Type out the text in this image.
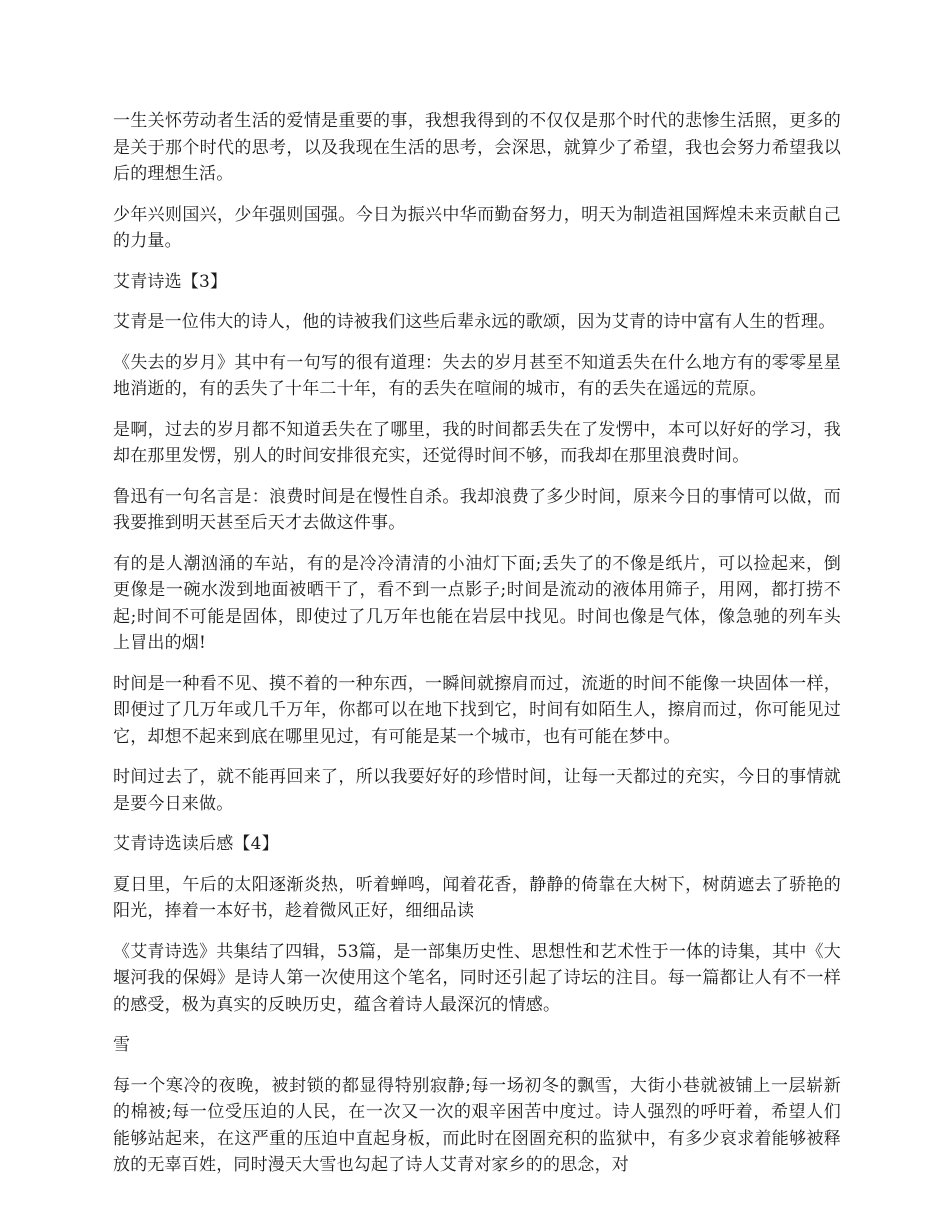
一生关怀劳动者生活的爱情是重要的事，我想我得到的不仅仅是那个时代的悲惨生活照，更多的是关于那个时代的思考，以及我现在生活的思考，会深思，就算少了希望，我也会努力希望我以后的理想生活。

少年兴则国兴，少年强则国强。今日为振兴中华而勤奋努力，明天为制造祖国辉煌未来贡献自己的力量。

艾青诗选【3】

艾青是一位伟大的诗人，他的诗被我们这些后辈永远的歌颂，因为艾青的诗中富有人生的哲理。

《失去的岁月》其中有一句写的很有道理：失去的岁月甚至不知道丢失在什么地方有的零零星星地消逝的，有的丢失了十年二十年，有的丢失在喧闹的城市，有的丢失在遥远的荒原。

是啊，过去的岁月都不知道丢失在了哪里，我的时间都丢失在了发愣中，本可以好好的学习，我却在那里发愣，别人的时间安排很充实，还觉得时间不够，而我却在那里浪费时间。

鲁迅有一句名言是：浪费时间是在慢性自杀。我却浪费了多少时间，原来今日的事情可以做，而我要推到明天甚至后天才去做这件事。

有的是人潮汹涌的车站，有的是冷冷清清的小油灯下面;丢失了的不像是纸片，可以捡起来，倒更像是一碗水泼到地面被晒干了，看不到一点影子;时间是流动的液体用筛子，用网，都打捞不起;时间不可能是固体，即使过了几万年也能在岩层中找见。时间也像是气体，像急驰的列车头上冒出的烟!

时间是一种看不见、摸不着的一种东西，一瞬间就擦肩而过，流逝的时间不能像一块固体一样，即便过了几万年或几千万年，你都可以在地下找到它，时间有如陌生人，擦肩而过，你可能见过它，却想不起来到底在哪里见过，有可能是某一个城市，也有可能在梦中。

时间过去了，就不能再回来了，所以我要好好的珍惜时间，让每一天都过的充实，今日的事情就是要今日来做。

艾青诗选读后感【4】

夏日里，午后的太阳逐渐炎热，听着蝉鸣，闻着花香，静静的倚靠在大树下，树荫遮去了骄艳的阳光，捧着一本好书，趁着微风正好，细细品读

《艾青诗选》共集结了四辑，53篇，是一部集历史性、思想性和艺术性于一体的诗集，其中《大堰河我的保姆》是诗人第一次使用这个笔名，同时还引起了诗坛的注目。每一篇都让人有不一样的感受，极为真实的反映历史，蕴含着诗人最深沉的情感。

雪

每一个寒冷的夜晚，被封锁的都显得特别寂静;每一场初冬的飘雪，大街小巷就被铺上一层崭新的棉被;每一位受压迫的人民，在一次又一次的艰辛困苦中度过。诗人强烈的呼吁着，希望人们能够站起来，在这严重的压迫中直起身板，而此时在囹圄充积的监狱中，有多少哀求着能够被释放的无辜百姓，同时漫天大雪也勾起了诗人艾青对家乡的的思念，对
